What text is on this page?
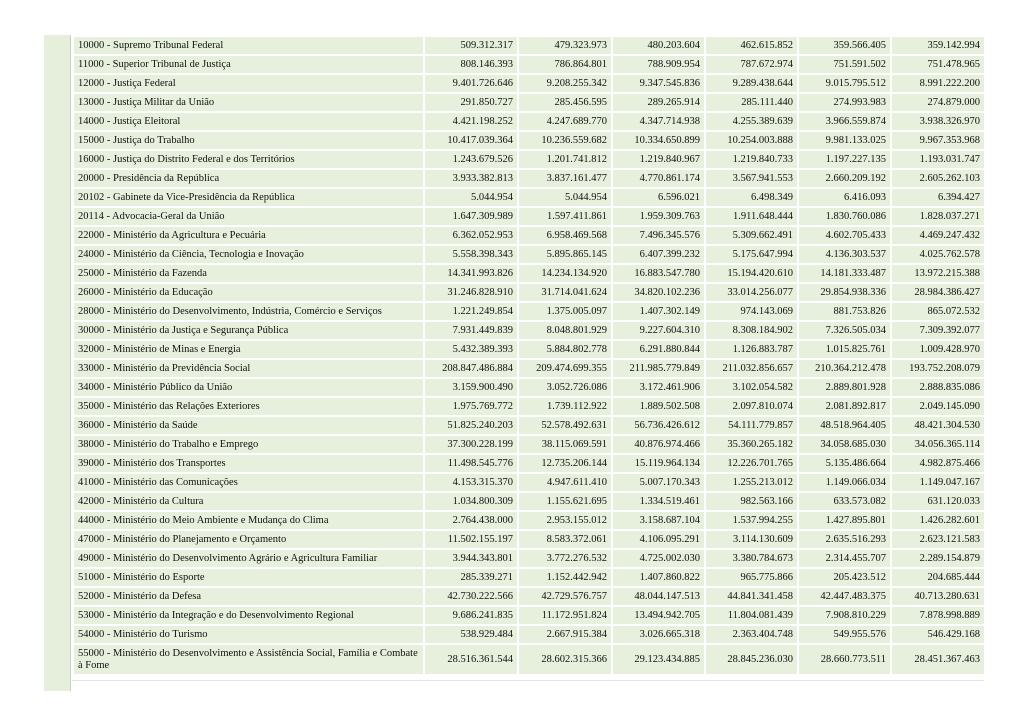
10000 - Supremo Tribunal Federal	509.312.317	479.323.973	480.203.604	462.615.852	359.566.405	359.142.994
11000 - Superior Tribunal de Justiça	808.146.393	786.864.801	788.909.954	787.672.974	751.591.502	751.478.965
12000 - Justiça Federal	9.401.726.646	9.208.255.342	9.347.545.836	9.289.438.644	9.015.795.512	8.991.222.200
13000 - Justiça Militar da União	291.850.727	285.456.595	289.265.914	285.111.440	274.993.983	274.879.000
14000 - Justiça Eleitoral	4.421.198.252	4.247.689.770	4.347.714.938	4.255.389.639	3.966.559.874	3.938.326.970
15000 - Justiça do Trabalho	10.417.039.364	10.236.559.682	10.334.650.899	10.254.003.888	9.981.133.025	9.967.353.968
16000 - Justiça do Distrito Federal e dos Territórios	1.243.679.526	1.201.741.812	1.219.840.967	1.219.840.733	1.197.227.135	1.193.031.747
20000 - Presidência da República	3.933.382.813	3.837.161.477	4.770.861.174	3.567.941.553	2.660.209.192	2.605.262.103
20102 - Gabinete da Vice-Presidência da República	5.044.954	5.044.954	6.596.021	6.498.349	6.416.093	6.394.427
20114 - Advocacia-Geral da União	1.647.309.989	1.597.411.861	1.959.309.763	1.911.648.444	1.830.760.086	1.828.037.271
22000 - Ministério da Agricultura e Pecuária	6.362.052.953	6.958.469.568	7.496.345.576	5.309.662.491	4.602.705.433	4.469.247.432
24000 - Ministério da Ciência, Tecnologia e Inovação	5.558.398.343	5.895.865.145	6.407.399.232	5.175.647.994	4.136.303.537	4.025.762.578
25000 - Ministério da Fazenda	14.341.993.826	14.234.134.920	16.883.547.780	15.194.420.610	14.181.333.487	13.972.215.388
26000 - Ministério da Educação	31.246.828.910	31.714.041.624	34.820.102.236	33.014.256.077	29.854.938.336	28.984.386.427
28000 - Ministério do Desenvolvimento, Indústria, Comércio e Serviços	1.221.249.854	1.375.005.097	1.407.302.149	974.143.069	881.753.826	865.072.532
30000 - Ministério da Justiça e Segurança Pública	7.931.449.839	8.048.801.929	9.227.604.310	8.308.184.902	7.326.505.034	7.309.392.077
32000 - Ministério de Minas e Energia	5.432.389.393	5.884.802.778	6.291.880.844	1.126.883.787	1.015.825.761	1.009.428.970
33000 - Ministério da Previdência Social	208.847.486.884	209.474.699.355	211.985.779.849	211.032.856.657	210.364.212.478	193.752.208.079
34000 - Ministério Público da União	3.159.900.490	3.052.726.086	3.172.461.906	3.102.054.582	2.889.801.928	2.888.835.086
35000 - Ministério das Relações Exteriores	1.975.769.772	1.739.112.922	1.889.502.508	2.097.810.074	2.081.892.817	2.049.145.090
36000 - Ministério da Saúde	51.825.240.203	52.578.492.631	56.736.426.612	54.111.779.857	48.518.964.405	48.421.304.530
38000 - Ministério do Trabalho e Emprego	37.300.228.199	38.115.069.591	40.876.974.466	35.360.265.182	34.058.685.030	34.056.365.114
39000 - Ministério dos Transportes	11.498.545.776	12.735.206.144	15.119.964.134	12.226.701.765	5.135.486.664	4.982.875.466
41000 - Ministério das Comunicações	4.153.315.370	4.947.611.410	5.007.170.343	1.255.213.012	1.149.066.034	1.149.047.167
42000 - Ministério da Cultura	1.034.800.309	1.155.621.695	1.334.519.461	982.563.166	633.573.082	631.120.033
44000 - Ministério do Meio Ambiente e Mudança do Clima	2.764.438.000	2.953.155.012	3.158.687.104	1.537.994.255	1.427.895.801	1.426.282.601
47000 - Ministério do Planejamento e Orçamento	11.502.155.197	8.583.372.061	4.106.095.291	3.114.130.609	2.635.516.293	2.623.121.583
49000 - Ministério do Desenvolvimento Agrário e Agricultura Familiar	3.944.343.801	3.772.276.532	4.725.002.030	3.380.784.673	2.314.455.707	2.289.154.879
51000 - Ministério do Esporte	285.339.271	1.152.442.942	1.407.860.822	965.775.866	205.423.512	204.685.444
52000 - Ministério da Defesa	42.730.222.566	42.729.576.757	48.044.147.513	44.841.341.458	42.447.483.375	40.713.280.631
53000 - Ministério da Integração e do Desenvolvimento Regional	9.686.241.835	11.172.951.824	13.494.942.705	11.804.081.439	7.908.810.229	7.878.998.889
54000 - Ministério do Turismo	538.929.484	2.667.915.384	3.026.665.318	2.363.404.748	549.955.576	546.429.168
55000 - Ministério do Desenvolvimento e Assistência Social, Família e Combate à Fome	28.516.361.544	28.602.315.366	29.123.434.885	28.845.236.030	28.660.773.511	28.451.367.463
